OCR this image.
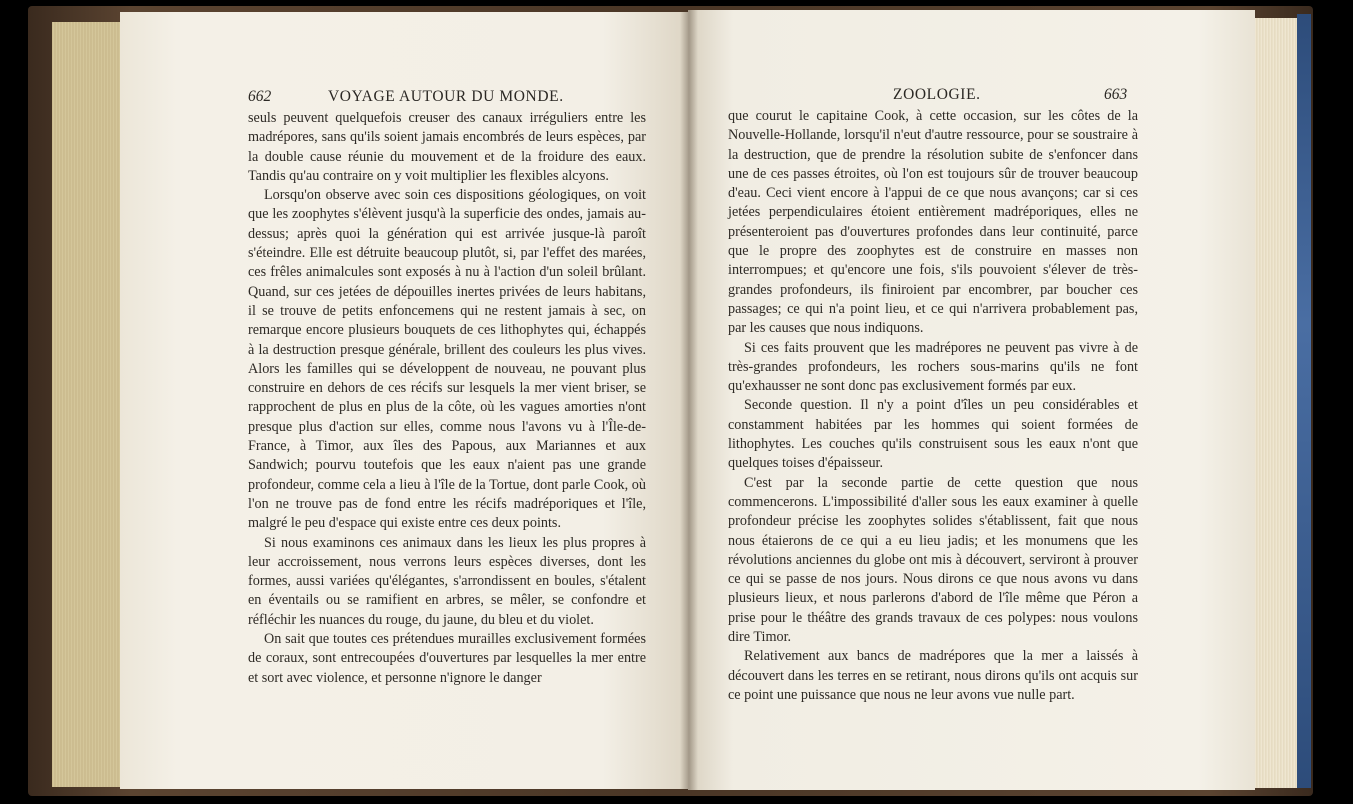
662	VOYAGE AUTOUR DU MONDE.

seuls peuvent quelquefois creuser des canaux irréguliers entre les madrépores, sans qu'ils soient jamais encombrés de leurs espèces, par la double cause réunie du mouvement et de la froidure des eaux. Tandis qu'au contraire on y voit multiplier les flexibles alcyons.

Lorsqu'on observe avec soin ces dispositions géologiques, on voit que les zoophytes s'élèvent jusqu'à la superficie des ondes, jamais au-dessus; après quoi la génération qui est arrivée jusque-là paroît s'éteindre. Elle est détruite beaucoup plutôt, si, par l'effet des marées, ces frêles animalcules sont exposés à nu à l'action d'un soleil brûlant. Quand, sur ces jetées de dépouilles inertes privées de leurs habitans, il se trouve de petits enfoncemens qui ne restent jamais à sec, on remarque encore plusieurs bouquets de ces lithophytes qui, échappés à la destruction presque générale, brillent des couleurs les plus vives. Alors les familles qui se développent de nouveau, ne pouvant plus construire en dehors de ces récifs sur lesquels la mer vient briser, se rapprochent de plus en plus de la côte, où les vagues amorties n'ont presque plus d'action sur elles, comme nous l'avons vu à l'Île-de-France, à Timor, aux îles des Papous, aux Mariannes et aux Sandwich; pourvu toutefois que les eaux n'aient pas une grande profondeur, comme cela a lieu à l'île de la Tortue, dont parle Cook, où l'on ne trouve pas de fond entre les récifs madréporiques et l'île, malgré le peu d'espace qui existe entre ces deux points.

Si nous examinons ces animaux dans les lieux les plus propres à leur accroissement, nous verrons leurs espèces diverses, dont les formes, aussi variées qu'élégantes, s'arrondissent en boules, s'étalent en éventails ou se ramifient en arbres, se mêler, se confondre et réfléchir les nuances du rouge, du jaune, du bleu et du violet.

On sait que toutes ces prétendues murailles exclusivement formées de coraux, sont entrecoupées d'ouvertures par lesquelles la mer entre et sort avec violence, et personne n'ignore le danger

ZOOLOGIE.	663

que courut le capitaine Cook, à cette occasion, sur les côtes de la Nouvelle-Hollande, lorsqu'il n'eut d'autre ressource, pour se soustraire à la destruction, que de prendre la résolution subite de s'enfoncer dans une de ces passes étroites, où l'on est toujours sûr de trouver beaucoup d'eau. Ceci vient encore à l'appui de ce que nous avançons; car si ces jetées perpendiculaires étoient entièrement madréporiques, elles ne présenteroient pas d'ouvertures profondes dans leur continuité, parce que le propre des zoophytes est de construire en masses non interrompues; et qu'encore une fois, s'ils pouvoient s'élever de très-grandes profondeurs, ils finiroient par encombrer, par boucher ces passages; ce qui n'a point lieu, et ce qui n'arrivera probablement pas, par les causes que nous indiquons.

Si ces faits prouvent que les madrépores ne peuvent pas vivre à de très-grandes profondeurs, les rochers sous-marins qu'ils ne font qu'exhausser ne sont donc pas exclusivement formés par eux.

Seconde question. Il n'y a point d'îles un peu considérables et constamment habitées par les hommes qui soient formées de lithophytes. Les couches qu'ils construisent sous les eaux n'ont que quelques toises d'épaisseur.

C'est par la seconde partie de cette question que nous commencerons. L'impossibilité d'aller sous les eaux examiner à quelle profondeur précise les zoophytes solides s'établissent, fait que nous nous étaierons de ce qui a eu lieu jadis; et les monumens que les révolutions anciennes du globe ont mis à découvert, serviront à prouver ce qui se passe de nos jours. Nous dirons ce que nous avons vu dans plusieurs lieux, et nous parlerons d'abord de l'île même que Péron a prise pour le théâtre des grands travaux de ces polypes: nous voulons dire Timor.

Relativement aux bancs de madrépores que la mer a laissés à découvert dans les terres en se retirant, nous dirons qu'ils ont acquis sur ce point une puissance que nous ne leur avons vue nulle part.
